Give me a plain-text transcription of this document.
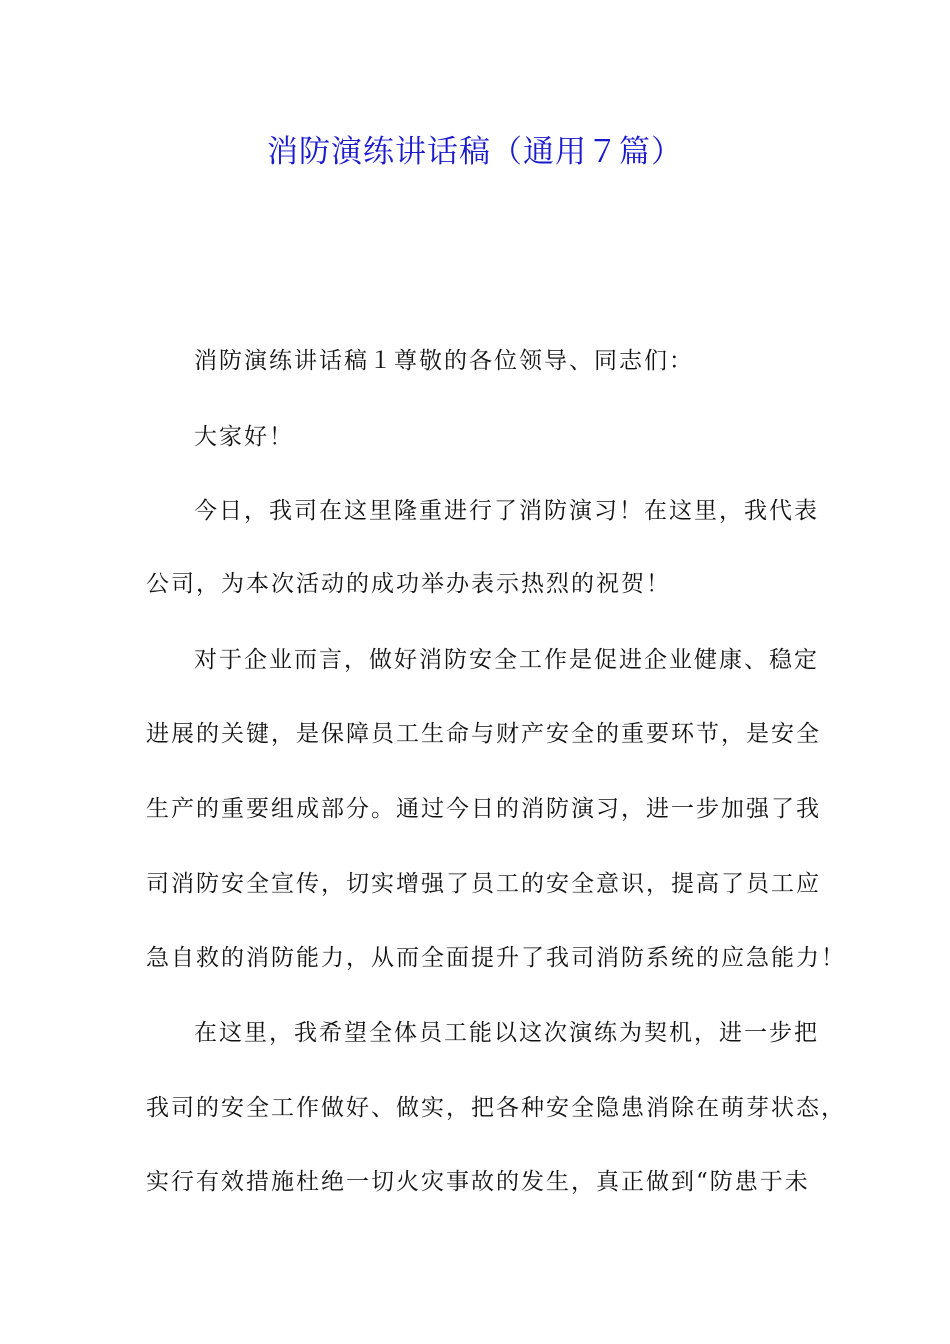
消防演练讲话稿（通用７篇）
消防演练讲话稿１尊敬的各位领导、同志们：
大家好！
今日，我司在这里隆重进行了消防演习！在这里，我代表
公司，为本次活动的成功举办表示热烈的祝贺！
对于企业而言，做好消防安全工作是促进企业健康、稳定
进展的关键，是保障员工生命与财产安全的重要环节，是安全
生产的重要组成部分。通过今日的消防演习，进一步加强了我
司消防安全宣传，切实增强了员工的安全意识，提高了员工应
急自救的消防能力，从而全面提升了我司消防系统的应急能力！
在这里，我希望全体员工能以这次演练为契机，进一步把
我司的安全工作做好、做实，把各种安全隐患消除在萌芽状态，
实行有效措施杜绝一切火灾事故的发生，真正做到“防患于未
